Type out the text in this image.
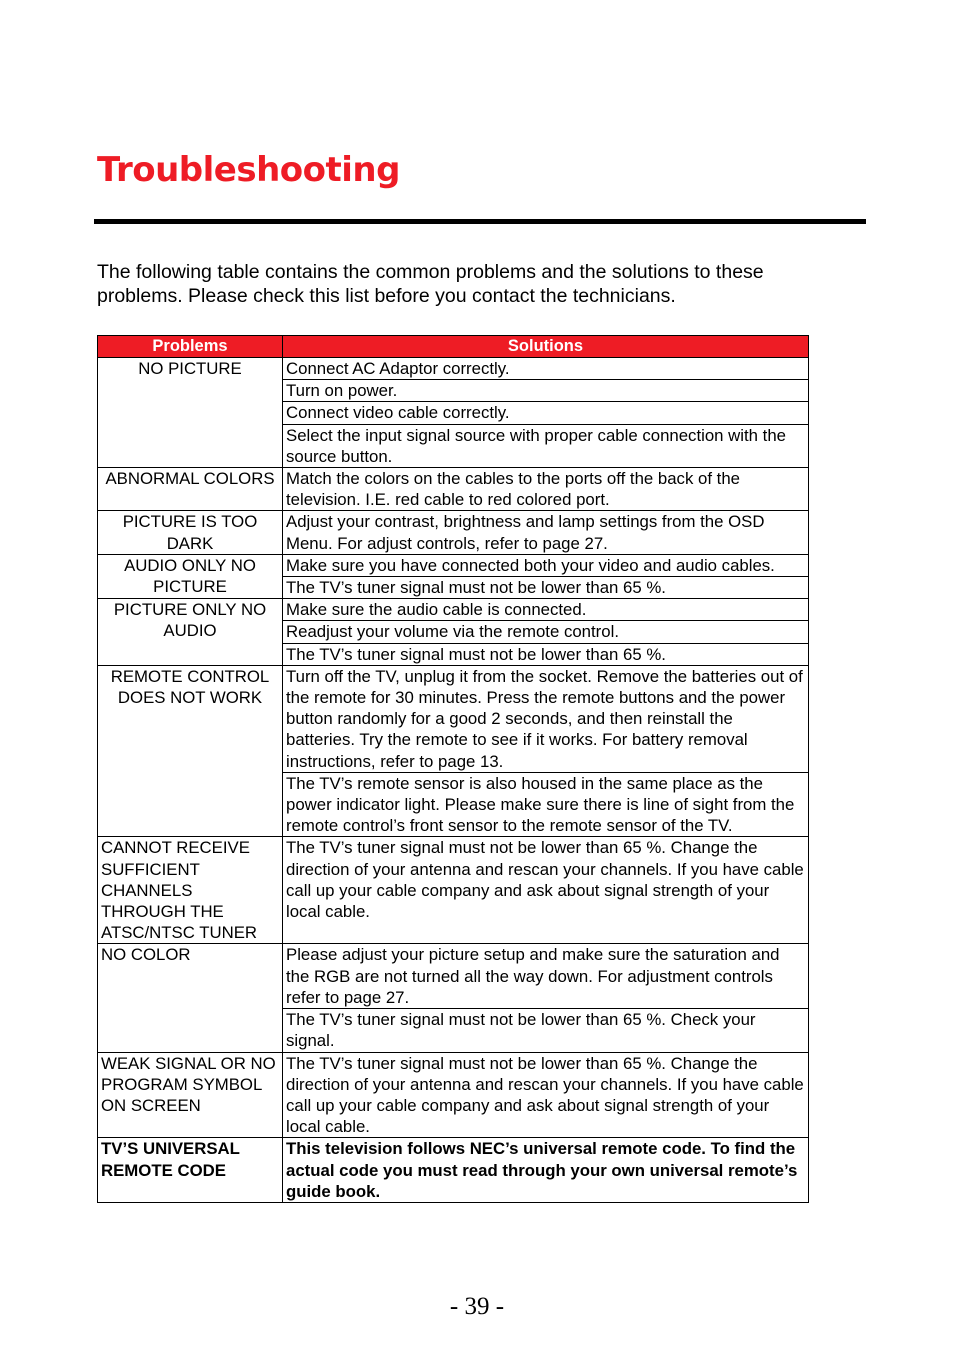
Troubleshooting

The following table contains the common problems and the solutions to these problems. Please check this list before you contact the technicians.

Problems	Solutions
NO PICTURE	Connect AC Adaptor correctly.
	Turn on power.
	Connect video cable correctly.
	Select the input signal source with proper cable connection with the source button.
ABNORMAL COLORS	Match the colors on the cables to the ports off the back of the television. I.E. red cable to red colored port.
PICTURE IS TOO DARK	Adjust your contrast, brightness and lamp settings from the OSD Menu. For adjust controls, refer to page 27.
AUDIO ONLY NO PICTURE	Make sure you have connected both your video and audio cables.
	The TV’s tuner signal must not be lower than 65 %.
PICTURE ONLY NO AUDIO	Make sure the audio cable is connected.
	Readjust your volume via the remote control.
	The TV’s tuner signal must not be lower than 65 %.
REMOTE CONTROL DOES NOT WORK	Turn off the TV, unplug it from the socket. Remove the batteries out of the remote for 30 minutes. Press the remote buttons and the power button randomly for a good 2 seconds, and then reinstall the batteries. Try the remote to see if it works. For battery removal instructions, refer to page 13.
	The TV’s remote sensor is also housed in the same place as the power indicator light. Please make sure there is line of sight from the remote control’s front sensor to the remote sensor of the TV.
CANNOT RECEIVE SUFFICIENT CHANNELS THROUGH THE ATSC/NTSC TUNER	The TV’s tuner signal must not be lower than 65 %. Change the direction of your antenna and rescan your channels. If you have cable call up your cable company and ask about signal strength of your local cable.
NO COLOR	Please adjust your picture setup and make sure the saturation and the RGB are not turned all the way down. For adjustment controls refer to page 27.
	The TV’s tuner signal must not be lower than 65 %. Check your signal.
WEAK SIGNAL OR NO PROGRAM SYMBOL ON SCREEN	The TV’s tuner signal must not be lower than 65 %. Change the direction of your antenna and rescan your channels. If you have cable call up your cable company and ask about signal strength of your local cable.
TV’S UNIVERSAL REMOTE CODE	This television follows NEC’s universal remote code. To find the actual code you must read through your own universal remote’s guide book.

- 39 -
